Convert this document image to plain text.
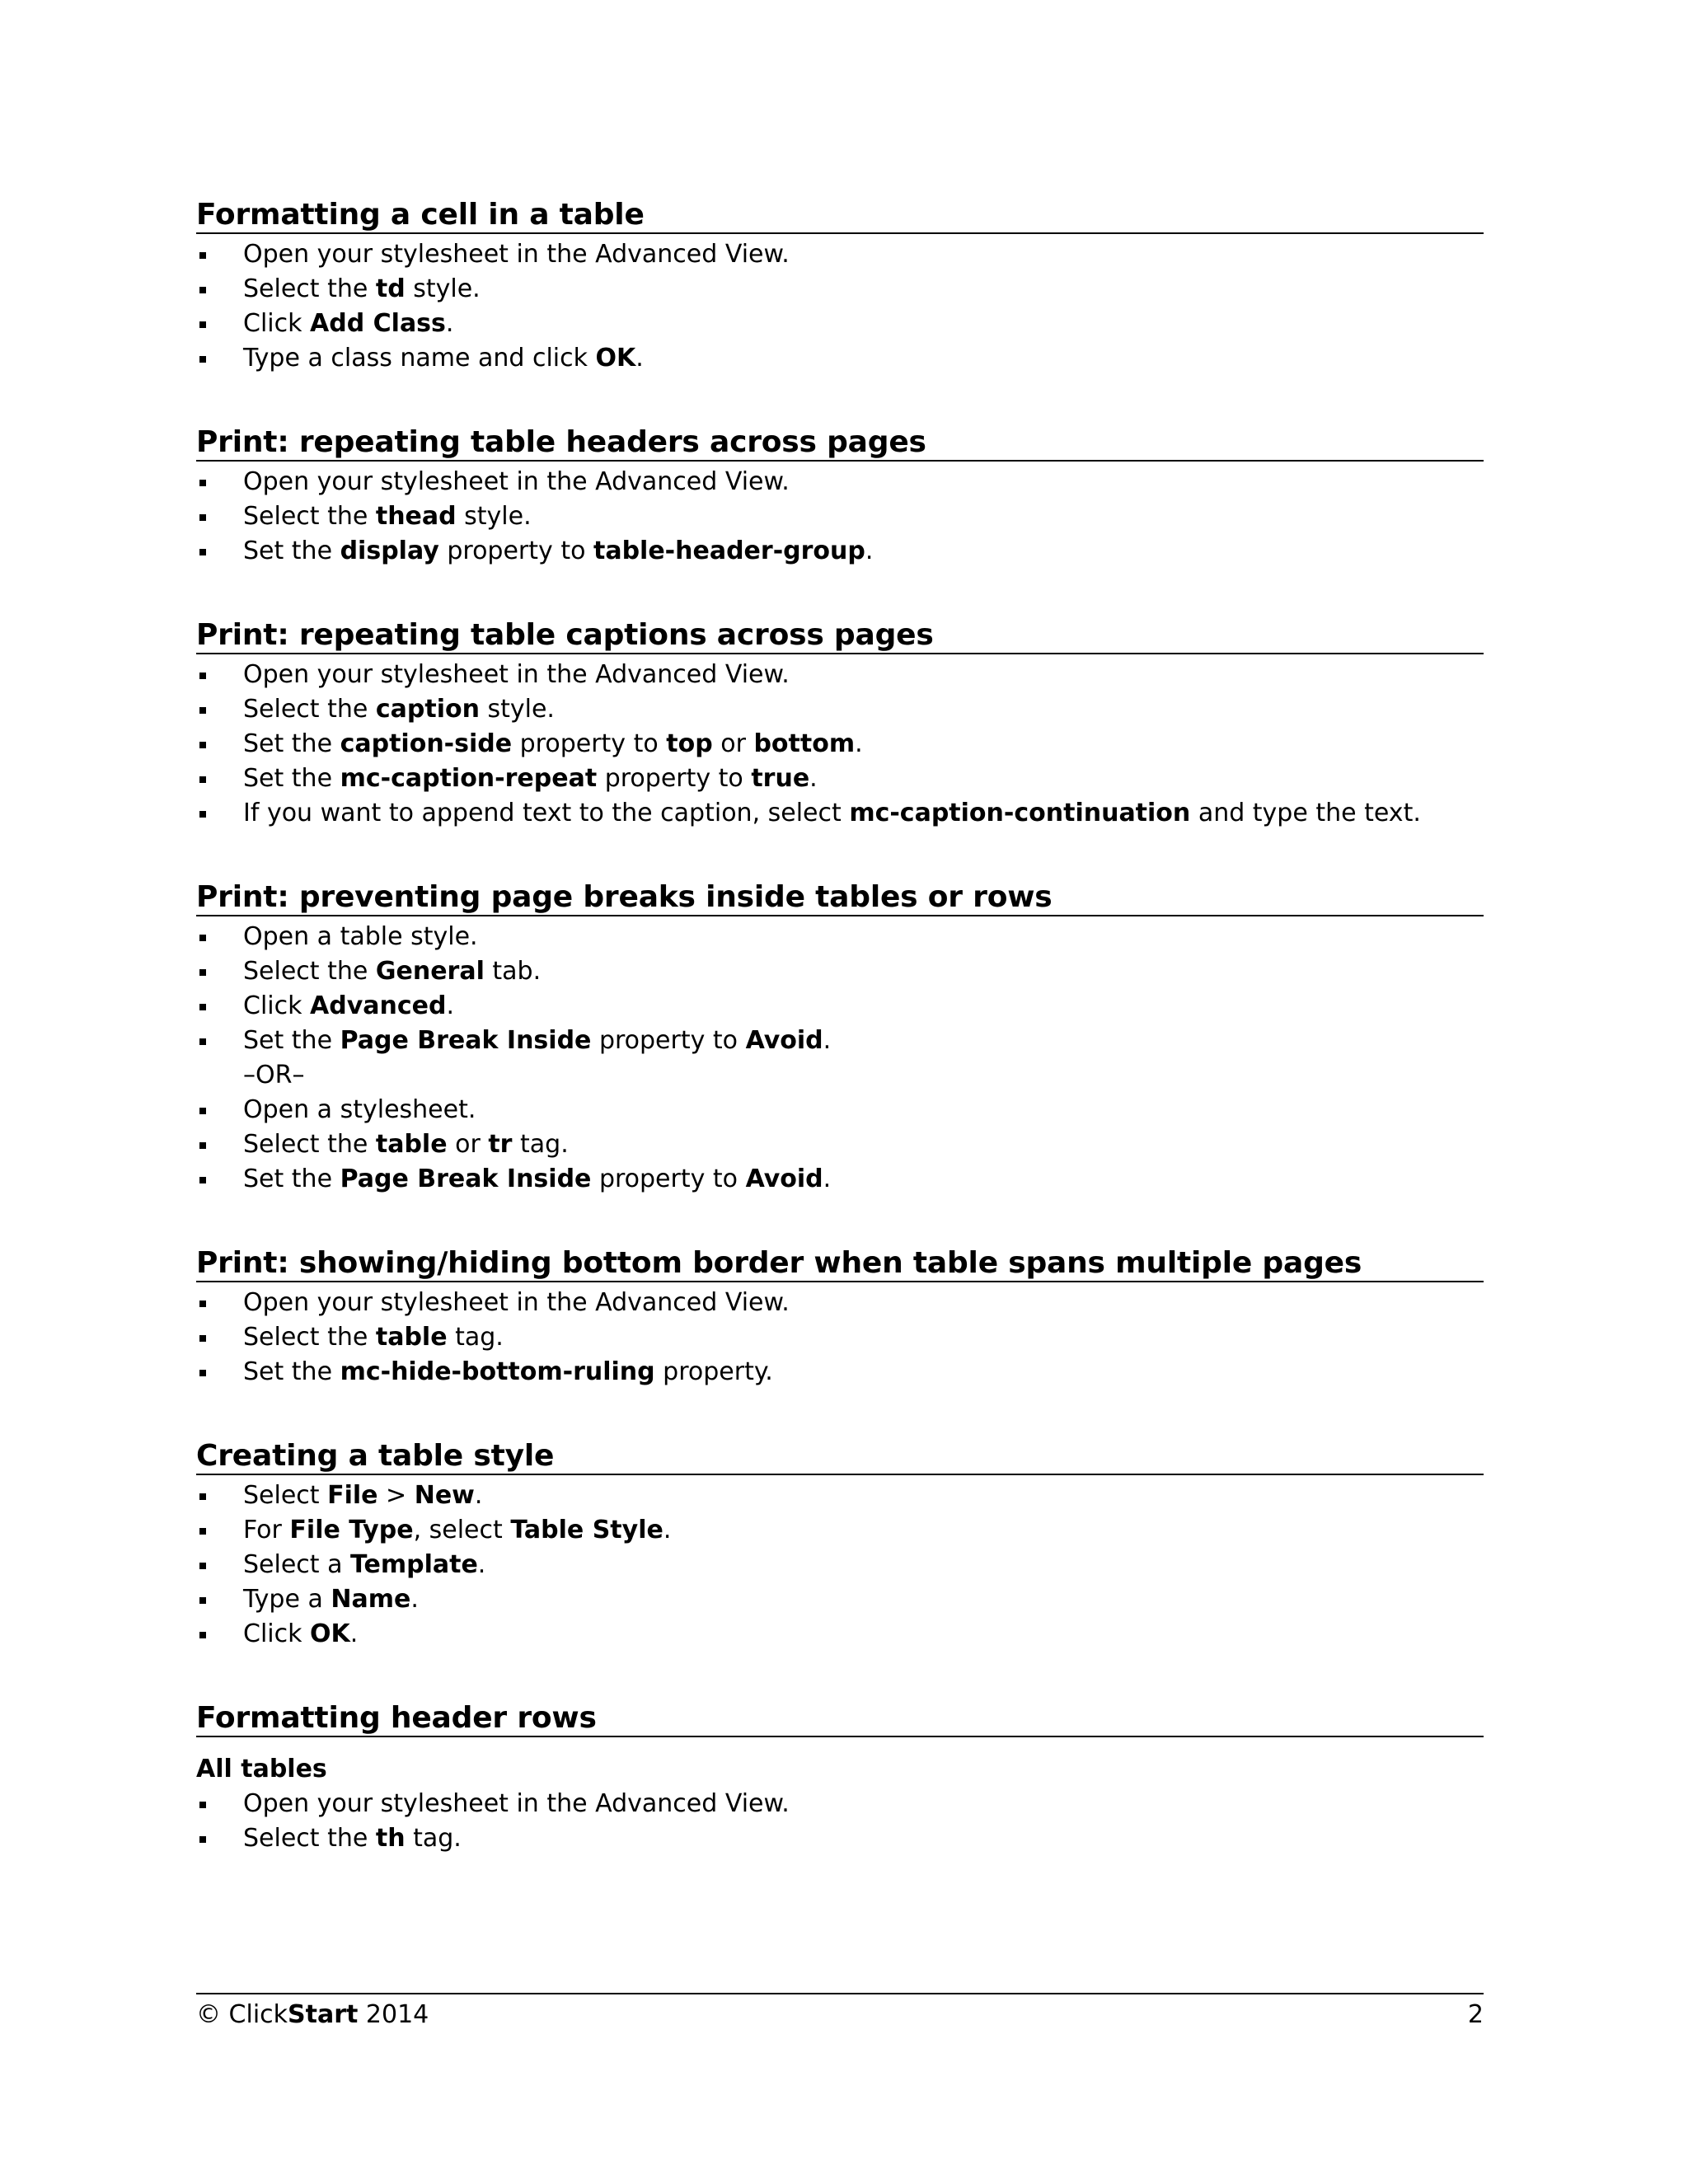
Formatting a cell in a table
Open your stylesheet in the Advanced View.
Select the td style.
Click Add Class.
Type a class name and click OK.
Print: repeating table headers across pages
Open your stylesheet in the Advanced View.
Select the thead style.
Set the display property to table-header-group.
Print: repeating table captions across pages
Open your stylesheet in the Advanced View.
Select the caption style.
Set the caption-side property to top or bottom.
Set the mc-caption-repeat property to true.
If you want to append text to the caption, select mc-caption-continuation and type the text.
Print: preventing page breaks inside tables or rows
Open a table style.
Select the General tab.
Click Advanced.
Set the Page Break Inside property to Avoid.
–OR–
Open a stylesheet.
Select the table or tr tag.
Set the Page Break Inside property to Avoid.
Print: showing/hiding bottom border when table spans multiple pages
Open your stylesheet in the Advanced View.
Select the table tag.
Set the mc-hide-bottom-ruling property.
Creating a table style
Select File > New.
For File Type, select Table Style.
Select a Template.
Type a Name.
Click OK.
Formatting header rows
All tables
Open your stylesheet in the Advanced View.
Select the th tag.
© ClickStart 2014	2
